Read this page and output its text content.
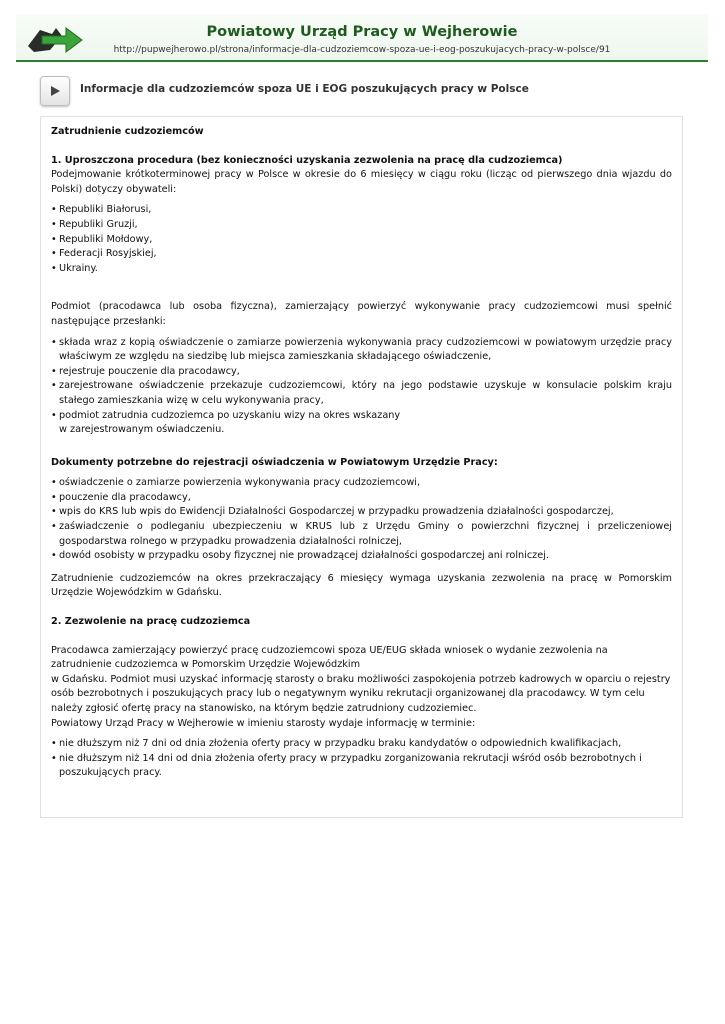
Powiatowy Urząd Pracy w Wejherowie
http://pupwejherowo.pl/strona/informacje-dla-cudzoziemcow-spoza-ue-i-eog-poszukujacych-pracy-w-polsce/91
Informacje dla cudzoziemców spoza UE i EOG poszukujących pracy w Polsce

Zatrudnienie cudzoziemców

1. Uproszczona procedura (bez konieczności uzyskania zezwolenia na pracę dla cudzoziemca)

Podejmowanie krótkoterminowej pracy w Polsce w okresie do 6 miesięcy w ciągu roku (licząc od pierwszego dnia wjazdu do Polski) dotyczy obywateli:

• Republiki Białorusi,
• Republiki Gruzji,
• Republiki Mołdowy,
• Federacji Rosyjskiej,
• Ukrainy.

Podmiot (pracodawca lub osoba fizyczna), zamierzający powierzyć wykonywanie pracy cudzoziemcowi musi spełnić następujące przesłanki:

• składa wraz z kopią oświadczenie o zamiarze powierzenia wykonywania pracy cudzoziemcowi w powiatowym urzędzie pracy właściwym ze względu na siedzibę lub miejsca zamieszkania składającego oświadczenie,
• rejestruje pouczenie dla pracodawcy,
• zarejestrowane oświadczenie przekazuje cudzoziemcowi, który na jego podstawie uzyskuje w konsulacie polskim kraju stałego zamieszkania wizę w celu wykonywania pracy,
• podmiot zatrudnia cudzoziemca po uzyskaniu wizy na okres wskazany

w zarejestrowanym oświadczeniu.

Dokumenty potrzebne do rejestracji oświadczenia w Powiatowym Urzędzie Pracy:

• oświadczenie o zamiarze powierzenia wykonywania pracy cudzoziemcowi,
• pouczenie dla pracodawcy,
• wpis do KRS lub wpis do Ewidencji Działalności Gospodarczej w przypadku prowadzenia działalności gospodarczej,
• zaświadczenie o podleganiu ubezpieczeniu w KRUS lub z Urzędu Gminy o powierzchni fizycznej i przeliczeniowej gospodarstwa rolnego w przypadku prowadzenia działalności rolniczej,
• dowód osobisty w przypadku osoby fizycznej nie prowadzącej działalności gospodarczej ani rolniczej.

Zatrudnienie cudzoziemców na okres przekraczający 6 miesięcy wymaga uzyskania zezwolenia na pracę w Pomorskim Urzędzie Wojewódzkim w Gdańsku.

2. Zezwolenie na pracę cudzoziemca

Pracodawca zamierzający powierzyć pracę cudzoziemcowi spoza UE/EUG składa wniosek o wydanie zezwolenia na

zatrudnienie cudzoziemca w Pomorskim Urzędzie Wojewódzkim

w Gdańsku. Podmiot musi uzyskać informację starosty o braku możliwości zaspokojenia potrzeb kadrowych w oparciu o rejestry osób bezrobotnych i poszukujących pracy lub o negatywnym wyniku rekrutacji organizowanej dla pracodawcy. W tym celu należy zgłosić ofertę pracy na stanowisko, na którym będzie zatrudniony cudzoziemiec.

Powiatowy Urząd Pracy w Wejherowie w imieniu starosty wydaje informację w terminie:

• nie dłuższym niż 7 dni od dnia złożenia oferty pracy w przypadku braku kandydatów o odpowiednich kwalifikacjach,
• nie dłuższym niż 14 dni od dnia złożenia oferty pracy w przypadku zorganizowania rekrutacji wśród osób bezrobotnych i poszukujących pracy.
